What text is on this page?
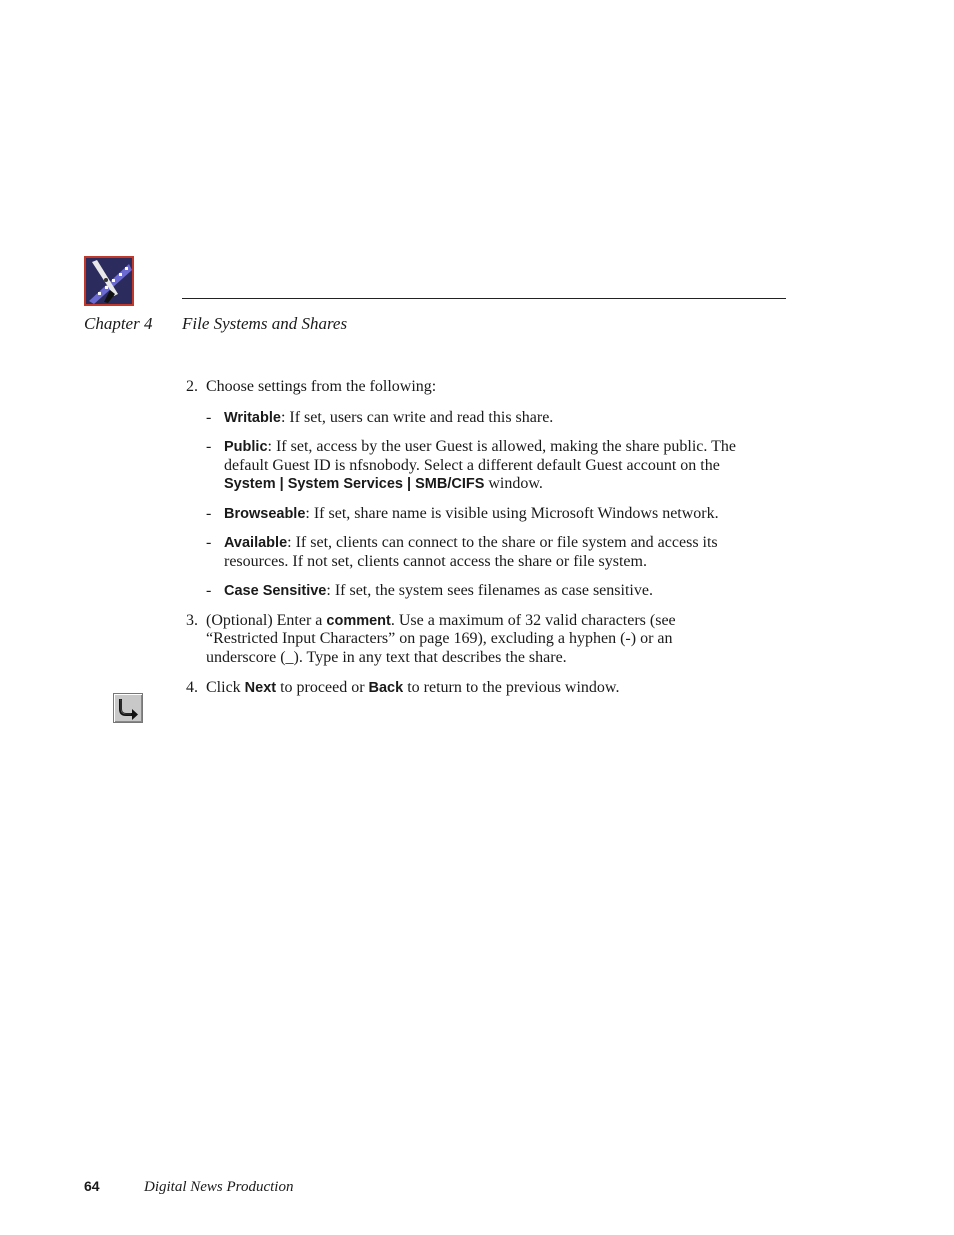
Chapter 4 File Systems and Shares
2. Choose settings from the following:
- Writable: If set, users can write and read this share.
- Public: If set, access by the user Guest is allowed, making the share public. The default Guest ID is nfsnobody. Select a different default Guest account on the System | System Services | SMB/CIFS window.
- Browseable: If set, share name is visible using Microsoft Windows network.
- Available: If set, clients can connect to the share or file system and access its resources. If not set, clients cannot access the share or file system.
- Case Sensitive: If set, the system sees filenames as case sensitive.
3. (Optional) Enter a comment. Use a maximum of 32 valid characters (see “Restricted Input Characters” on page 169), excluding a hyphen (-) or an underscore (_). Type in any text that describes the share.
4. Click Next to proceed or Back to return to the previous window.
64	Digital News Production
